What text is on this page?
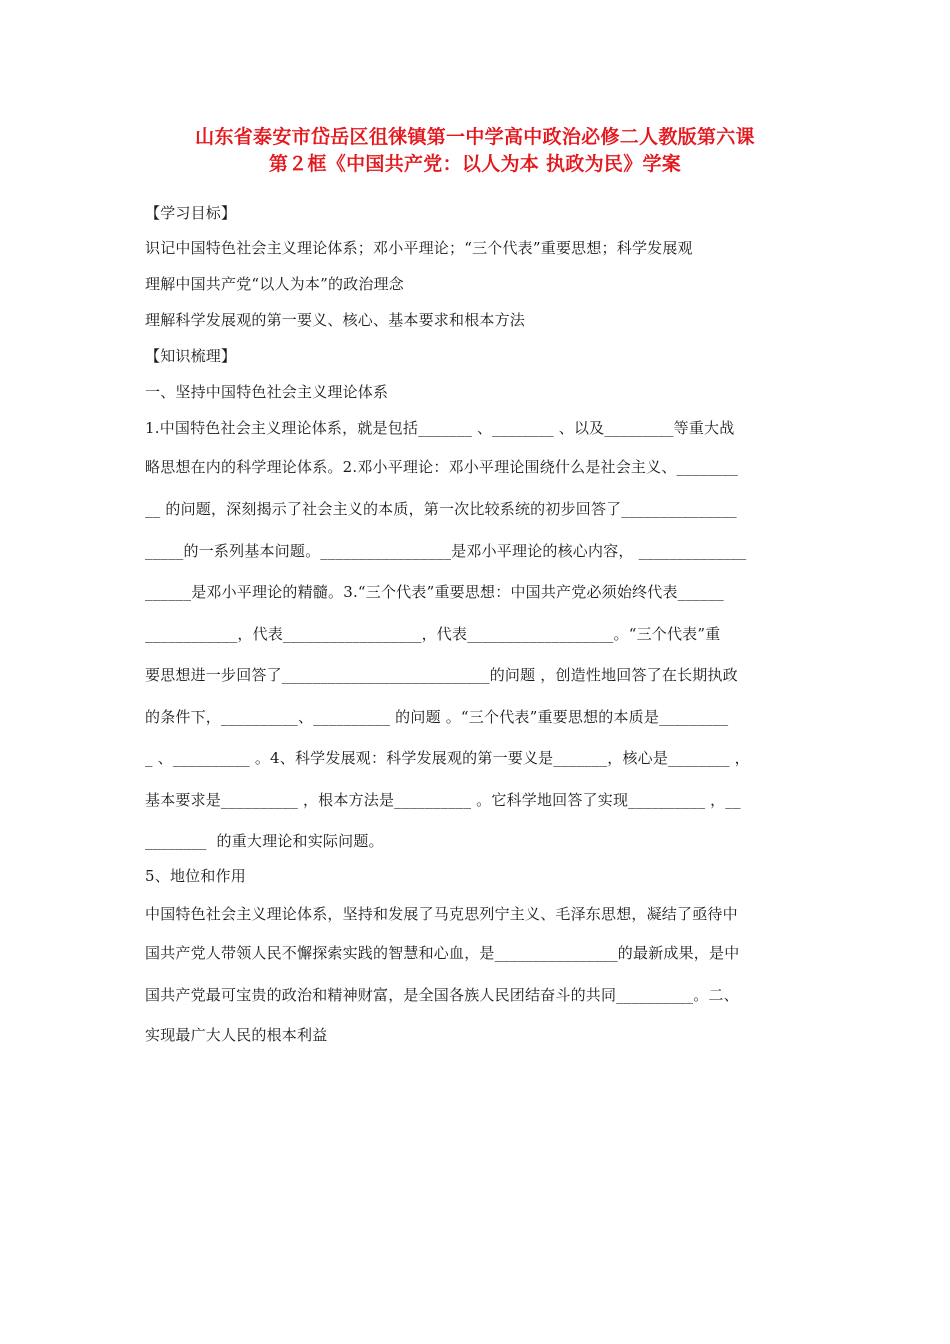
山东省泰安市岱岳区徂徕镇第一中学高中政治必修二人教版第六课
第２框《中国共产党：以人为本 执政为民》学案
【学习目标】
识记中国特色社会主义理论体系；邓小平理论；“三个代表”重要思想；科学发展观
理解中国共产党“以人为本”的政治理念
理解科学发展观的第一要义、核心、基本要求和根本方法
【知识梳理】
一、坚持中国特色社会主义理论体系
1.中国特色社会主义理论体系，就是包括_______ 、________ 、以及_________等重大战
略思想在内的科学理论体系。2.邓小平理论：邓小平理论围绕什么是社会主义、________
__ 的问题，深刻揭示了社会主义的本质，第一次比较系统的初步回答了_______________
_____的一系列基本问题。_________________是邓小平理论的核心内容， ______________
______是邓小平理论的精髓。3.“三个代表”重要思想：中国共产党必须始终代表______
____________，代表__________________，代表___________________。“三个代表”重
要思想进一步回答了___________________________的问题 ，创造性地回答了在长期执政
的条件下，__________、__________ 的问题 。“三个代表”重要思想的本质是_________
_ 、__________ 。4、科学发展观：科学发展观的第一要义是_______，核心是________ ，
基本要求是__________ ，根本方法是__________ 。它科学地回答了实现__________ ，__
________  的重大理论和实际问题。
5、地位和作用
中国特色社会主义理论体系，坚持和发展了马克思列宁主义、毛泽东思想，凝结了亟待中
国共产党人带领人民不懈探索实践的智慧和心血，是________________的最新成果，是中
国共产党最可宝贵的政治和精神财富，是全国各族人民团结奋斗的共同__________。二、
实现最广大人民的根本利益
